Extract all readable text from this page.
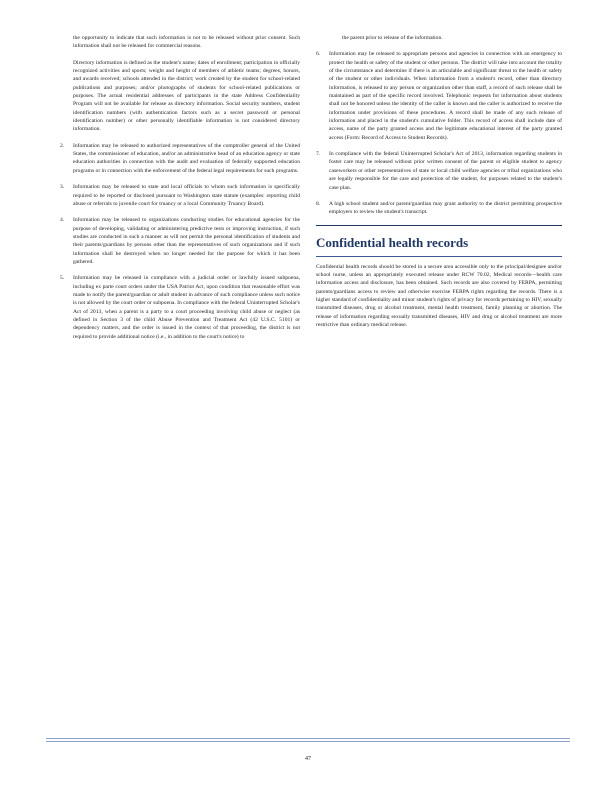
the opportunity to indicate that such information is not to be released without prior consent. Such information shall not be released for commercial reasons.

Directory information is defined as the student's name; dates of enrollment; participation in officially recognized activities and sports; weight and height of members of athletic teams; degrees, honors, and awards received; schools attended in the district; work created by the student for school-related publications and purposes; and/or photographs of students for school-related publications or purposes. The actual residential addresses of participants in the state Address Confidentiality Program will not be available for release as directory information. Social security numbers, student identification numbers (with authentication factors such as a secret password or personal identification number) or other personally identifiable information is not considered directory information.

2.	Information may be released to authorized representatives of the comptroller general of the United States, the commissioner of education, and/or an administrative head of an education agency or state education authorities in connection with the audit and evaluation of federally supported education programs or in connection with the enforcement of the federal legal requirements for such programs.
3.	Information may be released to state and local officials to whom such information is specifically required to be reported or disclosed pursuant to Washington state statute (examples: reporting child abuse or referrals to juvenile court for truancy or a local Community Truancy Board).
4.	Information may be released to organizations conducting studies for educational agencies for the purpose of developing, validating or administering predictive tests or improving instruction, if such studies are conducted in such a manner as will not permit the personal identification of students and their parents/guardians by persons other than the representatives of such organizations and if such information shall be destroyed when no longer needed for the purpose for which it has been gathered.
5.	Information may be released in compliance with a judicial order or lawfully issued subpoena, including ex parte court orders under the USA Patriot Act, upon condition that reasonable effort was made to notify the parent/guardian or adult student in advance of such compliance unless such notice is not allowed by the court order or subpoena. In compliance with the federal Uninterrupted Scholar's Act of 2013, when a parent is a party to a court proceeding involving child abuse or neglect (as defined in Section 3 of the child Abuse Prevention and Treatment Act (42 U.S.C. 5101) or dependency matters, and the order is issued in the context of that proceeding, the district is not required to provide additional notice (i.e., in addition to the court's notice) to

the parent prior to release of the information.

6.	Information may be released to appropriate persons and agencies in connection with an emergency to protect the health or safety of the student or other persons. The district will take into account the totality of the circumstance and determine if there is an articulable and significant threat to the health or safety of the student or other individuals. When information from a student's record, other than directory information, is released to any person or organization other than staff, a record of such release shall be maintained as part of the specific record involved. Telephonic requests for information about students shall not be honored unless the identity of the caller is known and the caller is authorized to receive the information under provisions of these procedures. A record shall be made of any such release of information and placed in the student's cumulative folder. This record of access shall include date of access, name of the party granted access and the legitimate educational interest of the party granted access (Form: Record of Access to Student Records).
7.	In compliance with the federal Uninterrupted Scholar's Act of 2013, information regarding students in foster care may be released without prior written consent of the parent or eligible student to agency caseworkers or other representatives of state or local child welfare agencies or tribal organizations who are legally responsible for the care and protection of the student, for purposes related to the student's case plan.
8.	A high school student and/or parent/guardian may grant authority to the district permitting prospective employers to review the student's transcript.
Confidential health records

Confidential health records should be stored in a secure area accessible only to the principal/designee and/or school nurse, unless an appropriately executed release under RCW 70.02, Medical records—health care information access and disclosure, has been obtained. Such records are also covered by FERPA, permitting parents/guardians access to review and otherwise exercise FERPA rights regarding the records. There is a higher standard of confidentiality and minor student's rights of privacy for records pertaining to HIV, sexually transmitted diseases, drug or alcohol treatment, mental health treatment, family planning or abortion. The release of information regarding sexually transmitted diseases, HIV and drug or alcohol treatment are more restrictive than ordinary medical release.

47
